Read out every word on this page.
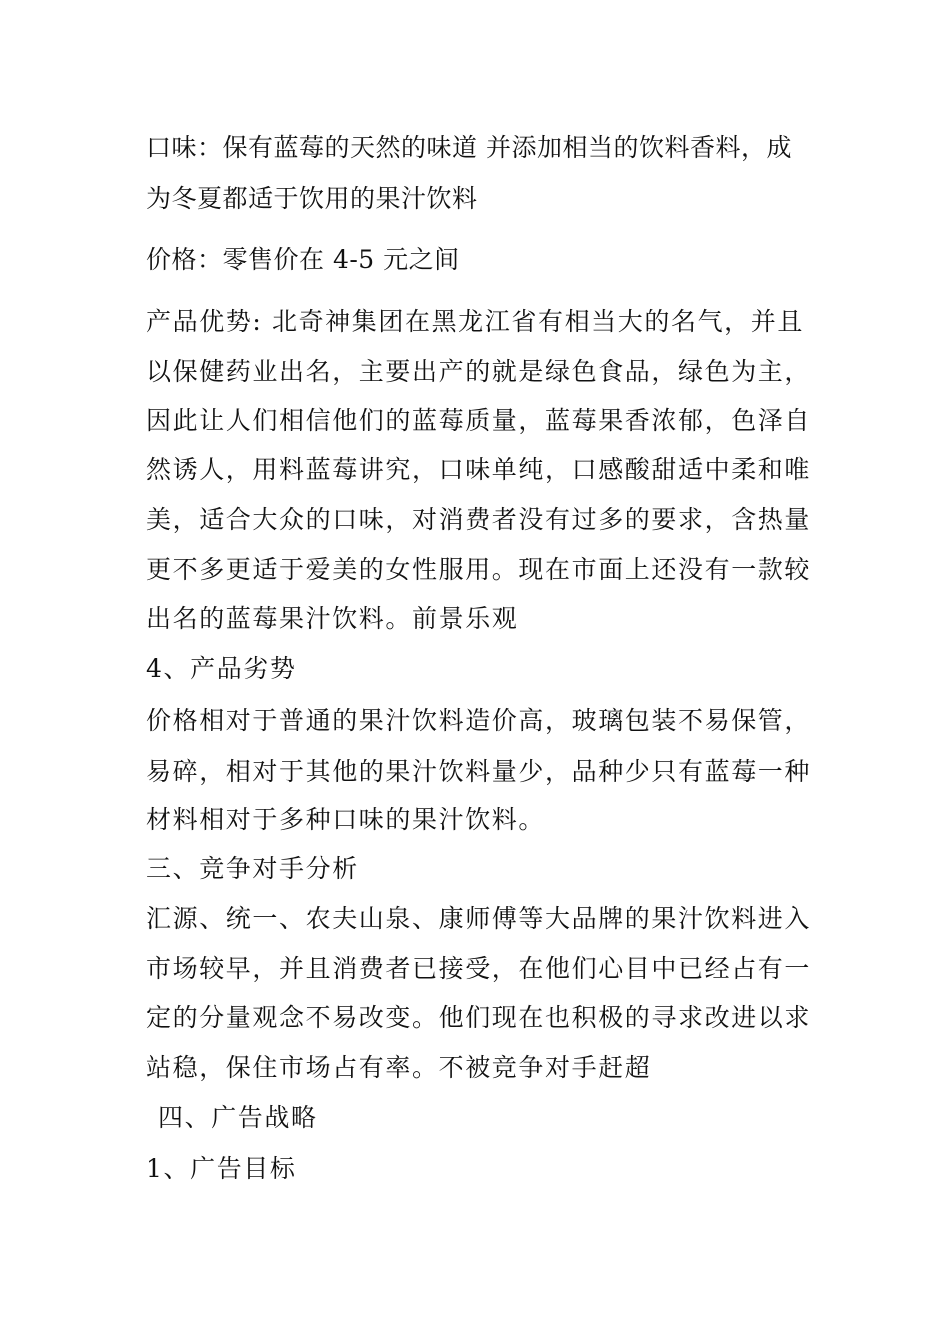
口味：保有蓝莓的天然的味道 并添加相当的饮料香料，成
为冬夏都适于饮用的果汁饮料
价格：零售价在 4-5 元之间
产品优势: 北奇神集团在黑龙江省有相当大的名气，并且
以保健药业出名，主要出产的就是绿色食品，绿色为主，
因此让人们相信他们的蓝莓质量，蓝莓果香浓郁，色泽自
然诱人，用料蓝莓讲究，口味单纯，口感酸甜适中柔和唯
美，适合大众的口味，对消费者没有过多的要求，含热量
更不多更适于爱美的女性服用。现在市面上还没有一款较
出名的蓝莓果汁饮料。前景乐观
4、产品劣势
价格相对于普通的果汁饮料造价高，玻璃包装不易保管，
易碎，相对于其他的果汁饮料量少，品种少只有蓝莓一种
材料相对于多种口味的果汁饮料。
三、竞争对手分析
汇源、统一、农夫山泉、康师傅等大品牌的果汁饮料进入
市场较早，并且消费者已接受，在他们心目中已经占有一
定的分量观念不易改变。他们现在也积极的寻求改进以求
站稳，保住市场占有率。不被竞争对手赶超
四、广告战略
1、广告目标
